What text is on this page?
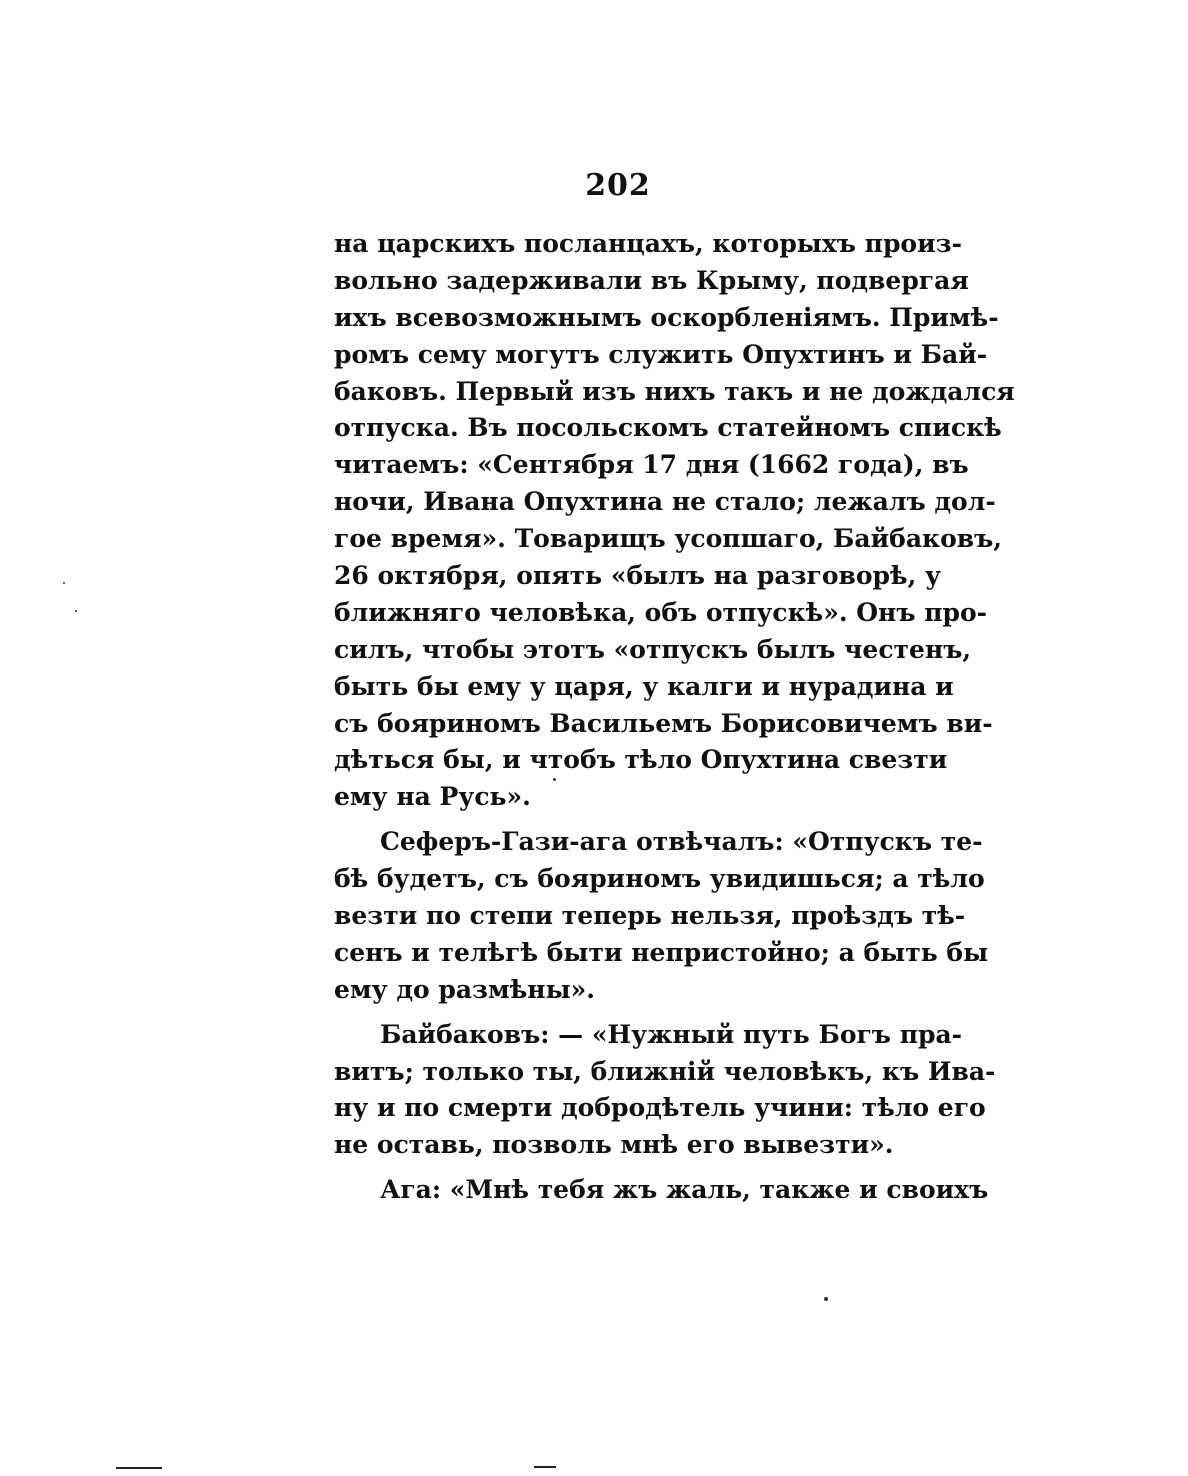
202
на царскихъ посланцахъ, которыхъ произ-
вольно задерживали въ Крыму, подвергая
ихъ всевозможнымъ оскорбленіямъ. Примѣ-
ромъ сему могутъ служить Опухтинъ и Бай-
баковъ. Первый изъ нихъ такъ и не дождался
отпуска. Въ посольскомъ статейномъ спискѣ
читаемъ: «Сентября 17 дня (1662 года), въ
ночи, Ивана Опухтина не стало; лежалъ дол-
гое время». Товарищъ усопшаго, Байбаковъ,
26 октября, опять «былъ на разговорѣ, у
ближняго человѣка, объ отпускѣ». Онъ про-
силъ, чтобы этотъ «отпускъ былъ честенъ,
быть бы ему у царя, у калги и нурадина и
съ бояриномъ Васильемъ Борисовичемъ ви-
дѣться бы, и чтобъ тѣло Опухтина свезти
ему на Русь».
Сеферъ-Гази-ага отвѣчалъ: «Отпускъ те-
бѣ будетъ, съ бояриномъ увидишься; а тѣло
везти по степи теперь нельзя, проѣздъ тѣ-
сенъ и телѣгѣ быти непристойно; а быть бы
ему до размѣны».
Байбаковъ: — «Нужный путь Богъ пра-
витъ; только ты, ближній человѣкъ, къ Ива-
ну и по смерти добродѣтель учини: тѣло его
не оставь, позволь мнѣ его вывезти».
Ага: «Мнѣ тебя жъ жаль, также и своихъ
